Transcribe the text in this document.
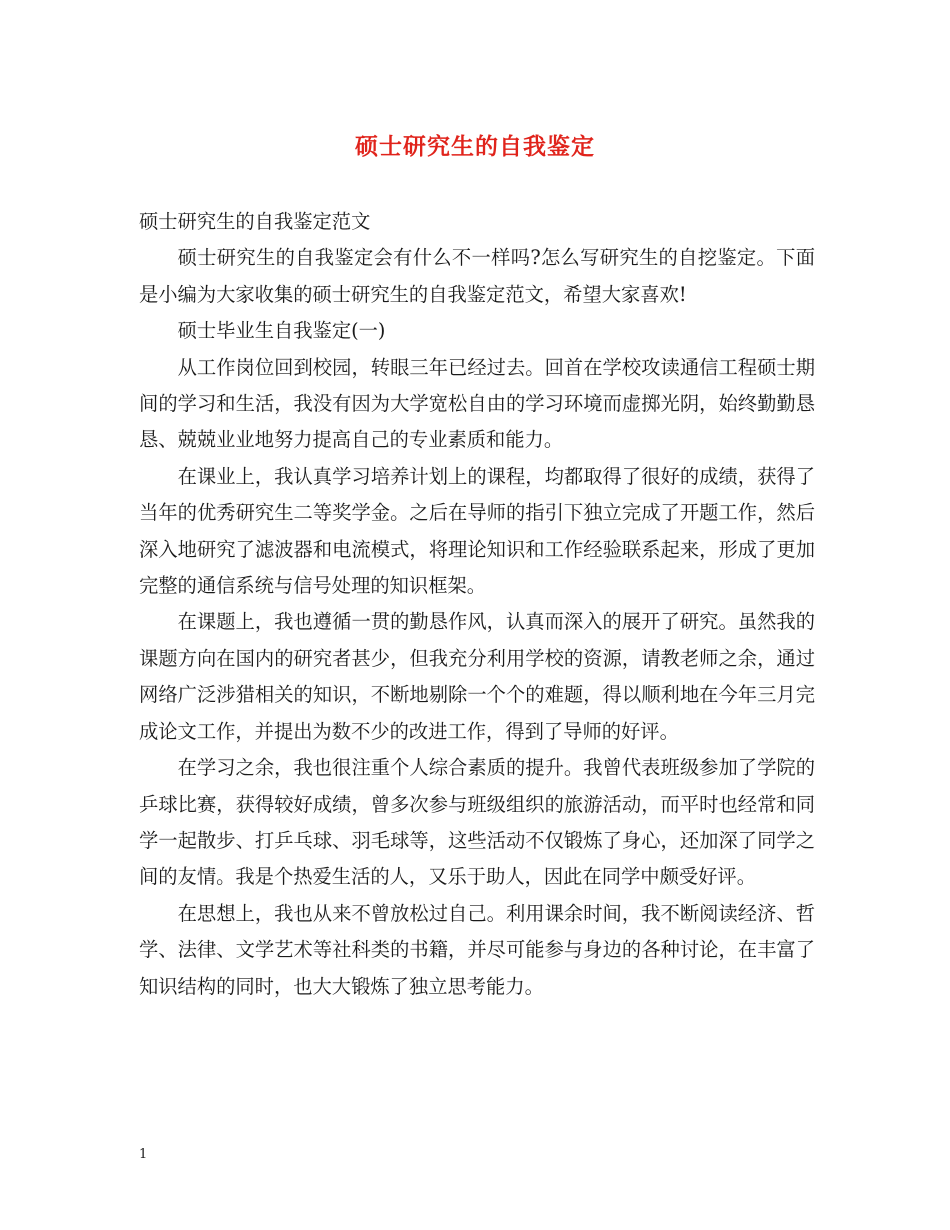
硕士研究生的自我鉴定

硕士研究生的自我鉴定范文

硕士研究生的自我鉴定会有什么不一样吗?怎么写研究生的自挖鉴定。下面是小编为大家收集的硕士研究生的自我鉴定范文，希望大家喜欢!

硕士毕业生自我鉴定(一)

从工作岗位回到校园，转眼三年已经过去。回首在学校攻读通信工程硕士期间的学习和生活，我没有因为大学宽松自由的学习环境而虚掷光阴，始终勤勤恳恳、兢兢业业地努力提高自己的专业素质和能力。

在课业上，我认真学习培养计划上的课程，均都取得了很好的成绩，获得了当年的优秀研究生二等奖学金。之后在导师的指引下独立完成了开题工作，然后深入地研究了滤波器和电流模式，将理论知识和工作经验联系起来，形成了更加完整的通信系统与信号处理的知识框架。

在课题上，我也遵循一贯的勤恳作风，认真而深入的展开了研究。虽然我的课题方向在国内的研究者甚少，但我充分利用学校的资源，请教老师之余，通过网络广泛涉猎相关的知识，不断地剔除一个个的难题，得以顺利地在今年三月完成论文工作，并提出为数不少的改进工作，得到了导师的好评。

在学习之余，我也很注重个人综合素质的提升。我曾代表班级参加了学院的乒球比赛，获得较好成绩，曾多次参与班级组织的旅游活动，而平时也经常和同学一起散步、打乒乓球、羽毛球等，这些活动不仅锻炼了身心，还加深了同学之间的友情。我是个热爱生活的人，又乐于助人，因此在同学中颇受好评。

在思想上，我也从来不曾放松过自己。利用课余时间，我不断阅读经济、哲学、法律、文学艺术等社科类的书籍，并尽可能参与身边的各种讨论，在丰富了知识结构的同时，也大大锻炼了独立思考能力。

1
